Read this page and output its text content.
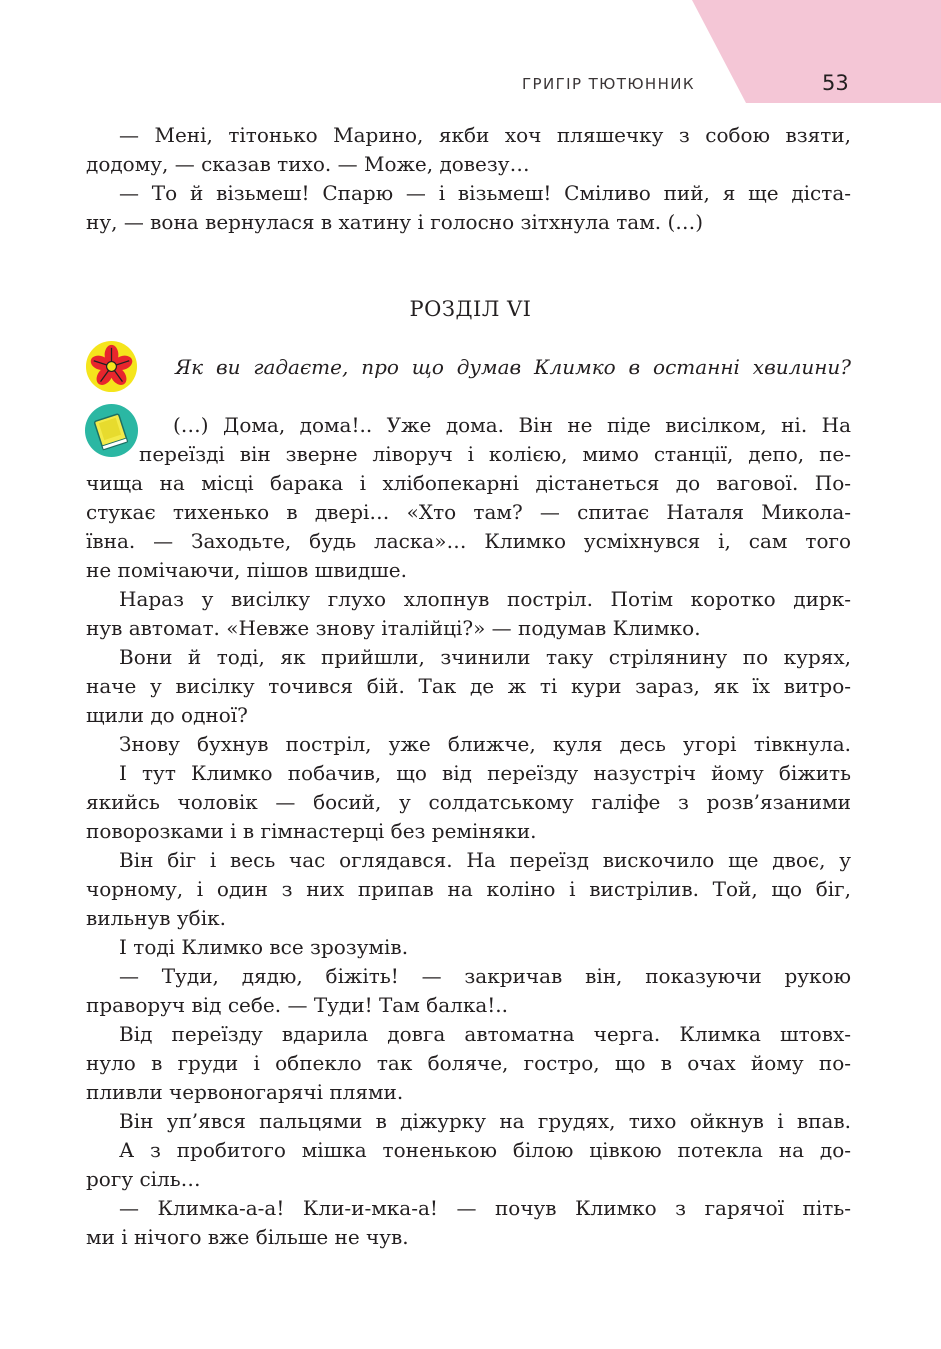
ГРИГІР ТЮТЮННИК	53
— Мені, тітонько Марино, якби хоч пляшечку з собою взяти,
додому, — сказав тихо. — Може, довезу…
— То й візьмеш! Спарю — і візьмеш! Сміливо пий, я ще діста-
ну, — вона вернулася в хатину і голосно зітхнула там. (…)
РОЗДІЛ VI
Як ви гадаєте, про що думав Климко в останні хвилини?
(…) Дома, дома!.. Уже дома. Він не піде висілком, ні. На
переїзді він зверне ліворуч і колією, мимо станції, депо, пе-
чища на місці барака і хлібопекарні дістанеться до вагової. По-
стукає тихенько в двері… «Хто там? — спитає Наталя Микола-
ївна. — Заходьте, будь ласка»… Климко усміхнувся і, сам того
не помічаючи, пішов швидше.
Нараз у висілку глухо хлопнув постріл. Потім коротко дирк-
нув автомат. «Невже знову італійці?» — подумав Климко.
Вони й тоді, як прийшли, зчинили таку стрілянину по курях,
наче у висілку точився бій. Так де ж ті кури зараз, як їх витро-
щили до одної?
Знову бухнув постріл, уже ближче, куля десь угорі тівкнула.
І тут Климко побачив, що від переїзду назустріч йому біжить
якийсь чоловік — босий, у солдатському галіфе з розв’язаними
поворозками і в гімнастерці без реміняки.
Він біг і весь час оглядався. На переїзд вискочило ще двоє, у
чорному, і один з них припав на коліно і вистрілив. Той, що біг,
вильнув убік.
І тоді Климко все зрозумів.
— Туди, дядю, біжіть! — закричав він, показуючи рукою
праворуч від себе. — Туди! Там балка!..
Від переїзду вдарила довга автоматна черга. Климка штовх-
нуло в груди і обпекло так боляче, гостро, що в очах йому по-
пливли червоногарячі плями.
Він уп’явся пальцями в діжурку на грудях, тихо ойкнув і впав.
А з пробитого мішка тоненькою білою цівкою потекла на до-
рогу сіль…
— Климка-а-а! Кли-и-мка-а! — почув Климко з гарячої піть-
ми і нічого вже більше не чув.
